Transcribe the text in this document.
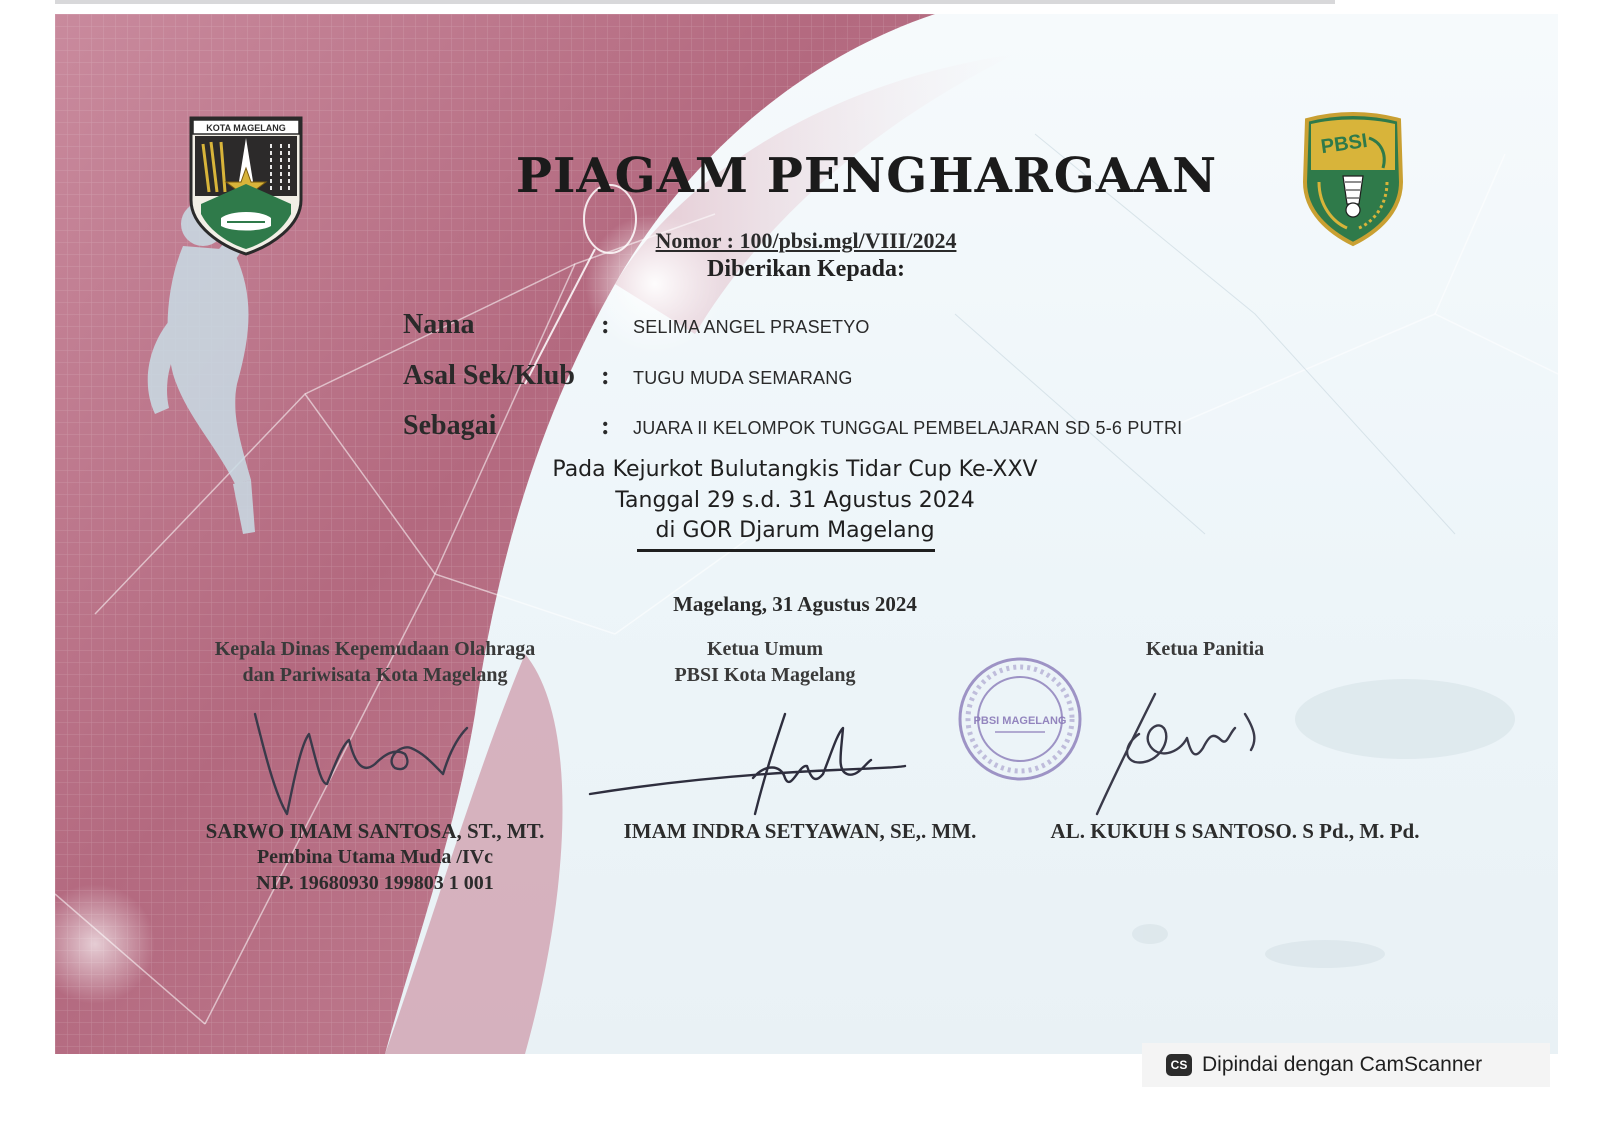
KOTA MAGELANG
PBSI
PIAGAM PENGHARGAAN
Nomor : 100/pbsi.mgl/VIII/2024
Diberikan Kepada:
Nama	: SELIMA ANGEL PRASETYO
Asal Sek/Klub	: TUGU MUDA SEMARANG
Sebagai	: JUARA II KELOMPOK TUNGGAL PEMBELAJARAN SD 5-6 PUTRI
Pada Kejurkot Bulutangkis Tidar Cup Ke-XXV
Tanggal 29 s.d. 31 Agustus 2024
di GOR Djarum Magelang
Magelang, 31 Agustus 2024
Kepala Dinas Kepemudaan Olahraga
dan Pariwisata Kota Magelang
Ketua Umum
PBSI Kota Magelang
Ketua Panitia
PBSI MAGELANG
SARWO IMAM SANTOSA, ST., MT.
Pembina Utama Muda /IVc
NIP. 19680930 199803 1 001
IMAM INDRA SETYAWAN, SE,. MM.	AL. KUKUH S SANTOSO. S Pd., M. Pd.
CS Dipindai dengan CamScanner
